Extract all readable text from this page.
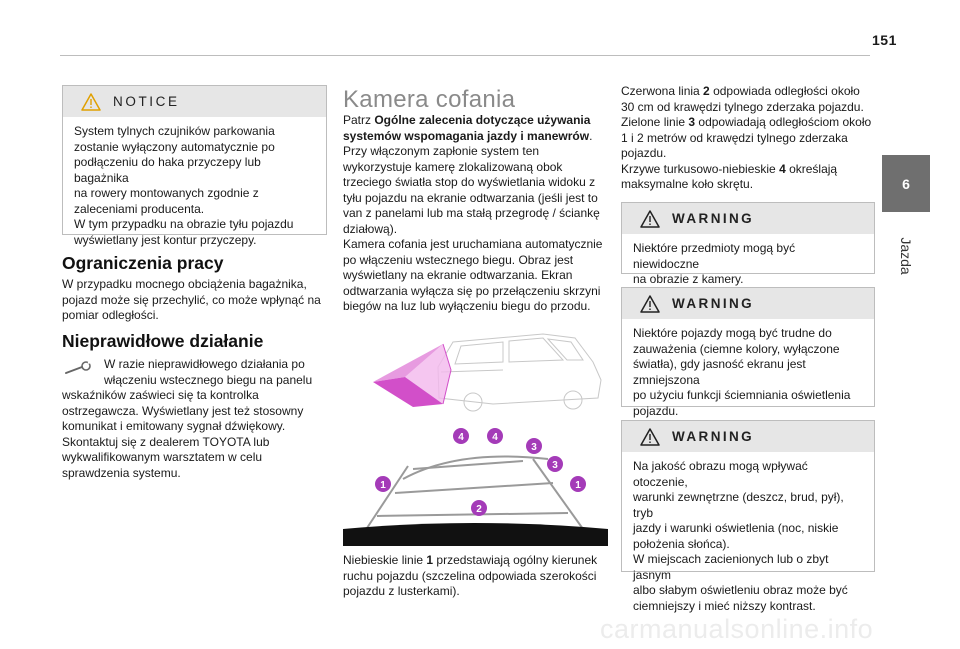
151
6
Jazda
NOTICE
System tylnych czujników parkowania
zostanie wyłączony automatycznie po
podłączeniu do haka przyczepy lub bagażnika
na rowery montowanych zgodnie z
zaleceniami producenta.
W tym przypadku na obrazie tyłu pojazdu
wyświetlany jest kontur przyczepy.
Ograniczenia pracy
W przypadku mocnego obciążenia bagażnika,
pojazd może się przechylić, co może wpłynąć na
pomiar odległości.
Nieprawidłowe działanie
W razie nieprawidłowego działania po
włączeniu wstecznego biegu na panelu
wskaźników zaświeci się ta kontrolka
ostrzegawcza. Wyświetlany jest też stosowny
komunikat i emitowany sygnał dźwiękowy.
Skontaktuj się z dealerem TOYOTA lub
wykwalifikowanym warsztatem w celu
sprawdzenia systemu.
Kamera cofania
Patrz Ogólne zalecenia dotyczące używania
systemów wspomagania jazdy i manewrów.
Przy włączonym zapłonie system ten
wykorzystuje kamerę zlokalizowaną obok
trzeciego światła stop do wyświetlania widoku z
tyłu pojazdu na ekranie odtwarzania (jeśli jest to
van z panelami lub ma stałą przegrodę / ściankę
działową).
Kamera cofania jest uruchamiana automatycznie
po włączeniu wstecznego biegu. Obraz jest
wyświetlany na ekranie odtwarzania. Ekran
odtwarzania wyłącza się po przełączeniu skrzyni
biegów na luz lub wyłączeniu biegu do przodu.
4	4
3
3
1	1
2
Niebieskie linie 1 przedstawiają ogólny kierunek
ruchu pojazdu (szczelina odpowiada szerokości
pojazdu z lusterkami).
Czerwona linia 2 odpowiada odległości około
30 cm od krawędzi tylnego zderzaka pojazdu.
Zielone linie 3 odpowiadają odległościom około
1 i 2 metrów od krawędzi tylnego zderzaka
pojazdu.
Krzywe turkusowo-niebieskie 4 określają
maksymalne koło skrętu.
WARNING
Niektóre przedmioty mogą być niewidoczne
na obrazie z kamery.
WARNING
Niektóre pojazdy mogą być trudne do
zauważenia (ciemne kolory, wyłączone
światła), gdy jasność ekranu jest zmniejszona
po użyciu funkcji ściemniania oświetlenia
pojazdu.
WARNING
Na jakość obrazu mogą wpływać otoczenie,
warunki zewnętrzne (deszcz, brud, pył), tryb
jazdy i warunki oświetlenia (noc, niskie
położenia słońca).
W miejscach zacienionych lub o zbyt jasnym
albo słabym oświetleniu obraz może być
ciemniejszy i mieć niższy kontrast.
carmanualsonline.info
